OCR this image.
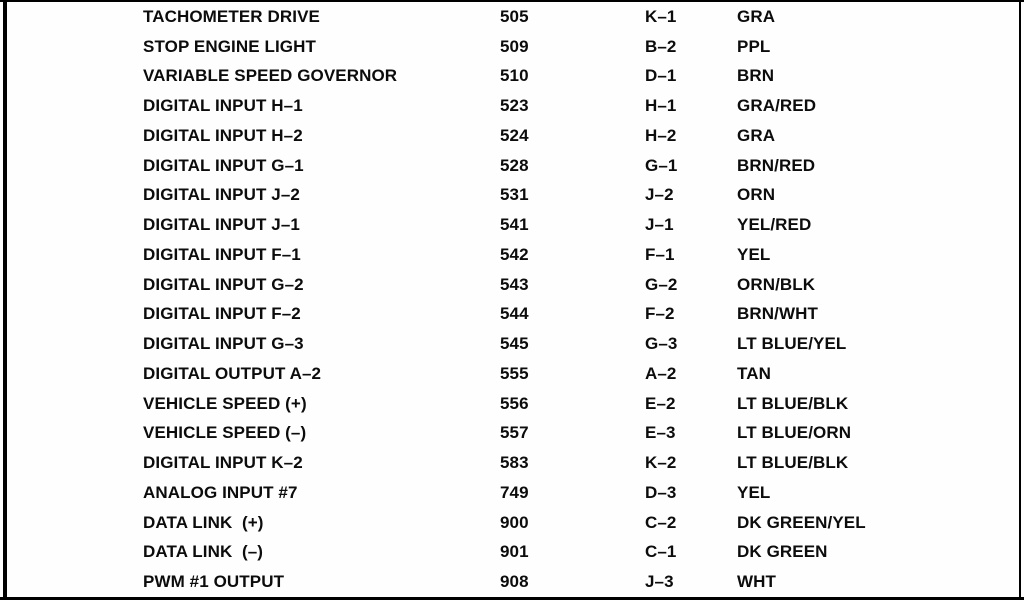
TACHOMETER DRIVE	505	K–1	GRA
STOP ENGINE LIGHT	509	B–2	PPL
VARIABLE SPEED GOVERNOR	510	D–1	BRN
DIGITAL INPUT H–1	523	H–1	GRA/RED
DIGITAL INPUT H–2	524	H–2	GRA
DIGITAL INPUT G–1	528	G–1	BRN/RED
DIGITAL INPUT J–2	531	J–2	ORN
DIGITAL INPUT J–1	541	J–1	YEL/RED
DIGITAL INPUT F–1	542	F–1	YEL
DIGITAL INPUT G–2	543	G–2	ORN/BLK
DIGITAL INPUT F–2	544	F–2	BRN/WHT
DIGITAL INPUT G–3	545	G–3	LT BLUE/YEL
DIGITAL OUTPUT A–2	555	A–2	TAN
VEHICLE SPEED (+)	556	E–2	LT BLUE/BLK
VEHICLE SPEED (–)	557	E–3	LT BLUE/ORN
DIGITAL INPUT K–2	583	K–2	LT BLUE/BLK
ANALOG INPUT #7	749	D–3	YEL
DATA LINK  (+)	900	C–2	DK GREEN/YEL
DATA LINK  (–)	901	C–1	DK GREEN
PWM #1 OUTPUT	908	J–3	WHT
